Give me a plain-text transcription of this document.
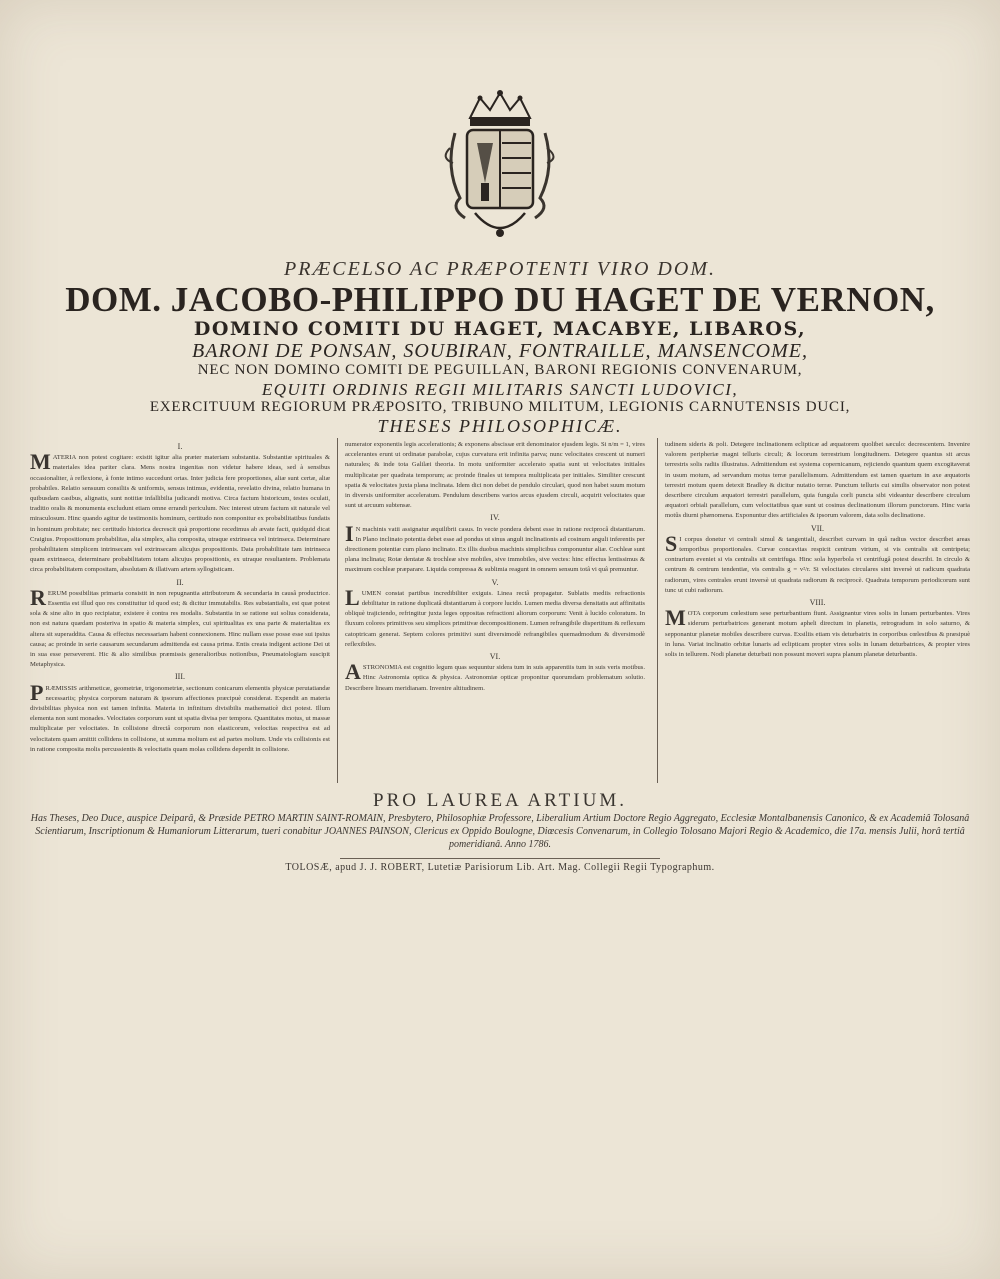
PRÆCELSO AC PRÆPOTENTI VIRO DOM.
DOM. JACOBO-PHILIPPO DU HAGET DE VERNON,
DOMINO COMITI DU HAGET, MACABYE, LIBAROS,
BARONI DE PONSAN, SOUBIRAN, FONTRAILLE, MANSENCOME,
NEC NON DOMINO COMITI DE PEGUILLAN, BARONI REGIONIS CONVENARUM,
EQUITI ORDINIS REGII MILITARIS SANCTI LUDOVICI,
EXERCITUUM REGIORUM PRÆPOSITO, TRIBUNO MILITUM, LEGIONIS CARNUTENSIS DUCI,
THESES PHILOSOPHICÆ.
I.
MATERIA non potest cogitare: existit igitur alia præter materiam substantia. Substantiæ spirituales & materiales idea pariter clara. Mens nostra ingenitas non videtur habere ideas, sed à sensibus occasionaliter, à reflexione, à fonte intimo succedunt ortas. Inter judicia fere proportiones, aliæ sunt certæ, aliæ probabiles. Relatio sensuum consiliis & uniformis, sensus intimus, evidentia, revelatio divina, relatio humana in quibusdam casibus, alignatis, sunt notitiæ infallibilia judicandi motiva. Circa factum historicum, testes oculati, traditio oralis & monumenta excludunt etiam omne errandi periculum. Nec interest utrum factum sit naturale vel miraculosum. Hinc quando agitur de testimoniis hominum, certitudo non componitur ex probabilitatibus fundatis in hominum probitate; nec certitudo historica decrescit quà proportione recedimus ab ævate facti, quidquid dicat Craigius. Propositionum probabilitas, alia simplex, alia composita, utraque extrinseca vel intrinseca. Determinare probabilitatem simplicem intrinsecam vel extrinsecam alicujus propositionis. Data probabilitate tam intrinseca quam extrinseca, determinare probabilitatem totam alicujus propositionis, ex utraque resultantem. Problemata circa probabilitatem compositam, absolutam & illativam artem syllogisticam.
II.
RERUM possibilitas primaria consistit in non repugnantia attributorum & secundaria in causâ productrice. Essentia est illud quo res constituitur id quod est; & dicitur immutabilis. Res substantialis, est quæ potest sola & sine alio in quo recipiatur, existere è contra res modalis. Substantia in se ratione sui solius considerata, non est natura quædam posteriva in spatio & materia simplex, cui spiritualitas ex una parte & materialitas ex altera sit superaddita. Causa & effectus necessariam habent connexionem. Hinc nullam esse posse esse sui ipsius causa; ac proinde in serie causarum secundarum admittenda est causa prima. Entis creata indigent actione Dei ut in sua esse perseverent. Hic & alio similibus præmissis generalioribus notionibus, Pneumatologiam suscipit Metaphysica.
III.
PRÆMISSIS arithmeticæ, geometriæ, trigonometriæ, sectionum conicarum elementis physicæ perutatiandæ necessariis; physica corporum naturam & ipsorum affectiones præcipuè considerat. Expendit an materia divisibilitas physica non est tamen infinita. Materia in infinitum divisibilis mathematicè dici potest. Illum elementa non sunt monades. Velocitates corporum sunt ut spatia divisa per tempora. Quantitates motus, ut massæ multiplicatæ per velocitates. In collisione directâ corporum non elasticorum, velocitas respectiva est ad velocitatem quam amittit collidens in collisione, ut summa molium est ad partes molium. Unde vis collisionis est in ratione composita molis percussientis & velocitatis quam molas collidens deperdit in collisione.
numerator exponentis legis accelerationis; & exponens abscissæ erit denominator ejusdem legis. Si n/m = 1, vires accelerantes erunt ut ordinatæ parabolæ, cujus curvatura erit infinita parva; nunc velocitates crescent ut numeri naturales; & inde tota Galilæi theoria. In motu uniformiter accelerato spatia sunt ut velocitates initiales multiplicatæ per quadrata temporum; ac proinde finales ut tempora multiplicata per initiales. Similiter crescunt spatia & velocitates juxta plana inclinata. Idem dici non debet de pendulo circulari, quod non habet suum motum in diversis uniformiter acceleratum. Pendulum describens varios arcus ejusdem circuli, acquirit velocitates quæ sunt ut arcuum subtensæ.
IV.
I N machinis vatii assignatur æquilibrii casus. In vecte pondera debent esse in ratione reciprocâ distantiarum. In Plano inclinato potentia debet esse ad pondus ut sinus anguli inclinationis ad cosinum anguli inferentis per directionem potentiæ cum plano inclinato. Ex illis duobus machinis simplicibus componuntur aliæ. Cochleæ sunt plana inclinata; Rotæ dentatæ & trochleæ sive mobiles, sive immobiles, sive vectes: hinc effectus lentissimus & maximum cochleæ præparare. Liquida compressa & sublimia reagunt in omnem sensum totâ vi quâ premuntur.
V.
LUMEN constat partibus incredibiliter exiguis. Linea rectâ propagatur. Sublatis mediis refractionis debilitatur in ratione duplicatâ distantiarum à corpore lucido. Lumen media diversa densitatis aut affinitatis obliquè trajiciendo, refringitur juxta leges oppositas refractioni aliorum corporum: Venit à lucido coloratum. In fluxum colores primitivos seu simplices primitivæ decompositionem. Lumen refrangibile dispertitum & reflexum catoptricam generat. Septem colores primitivi sunt diversimodè refrangibiles quemadmodum & diversimodè reflexibiles.
VI.
ASTRONOMIA est cognitio legum quas sequuntur sidera tum in suis apparentiis tum in suis veris motibus. Hinc Astronomia optica & physica. Astronomiæ opticæ proponitur quorumdam problematum solutio. Describere lineam meridianam. Invenire altitudinem.
tudinem sideris & poli. Detegere inclinationem eclipticæ ad æquatorem quolibet sæculo: decrescentem. Invenire valorem peripheriæ magni telluris circuli; & locorum terrestrium longitudinem. Detegere quantus sit arcus terrestris solis radiis illustratus. Admittendum est systema copernicanum, rejiciendo quantum quem excogitaverat in usum motum, ad servandum motus terræ parallelismum. Admittendum est tamen quartum in axe æquatoris terrestri motum quem detexit Bradley & dicitur nutatio terræ. Punctum telluris cui similis observator non potest describere circulum æquatori terrestri parallelum, quia fungula corli puncta sibi videantur describere circulum æquatori orbiali parallelum, cum velocitatibus quæ sunt ut cosinus declinationum illorum punctorum. Hinc varia motûs diurni phænomena. Exponuntur dies artificiales & ipsorum valorem, data solis declinatione.
VII.
S I corpus donetur vi centrali simul & tangentiali, describet curvam in quâ radius vector describet areas temporibus proportionales. Curvæ concavitas respicit centrum virium, si vis centralis sit centripeta; contrarium eveniet si vis centralis sit centrifuga. Hinc sola hyperbola vi centrifugâ potest describi. In circulo & centrum & centrum tendentiæ, vis centralis g = v²/r. Si velocitates circulares sint inversè ut radicum quadrata radiorum, vires centrales erunt inversè ut quadrata radiorum & reciprocè. Quadrata temporum periodicorum sunt tunc ut cubi radiorum.
VIII.
MOTA corporum cœlestium sese perturbantium fiunt. Assignantur vires solis in lunam perturbantes. Vires siderum perturbatrices generant motum apheli directum in planetis, retrogradum in solo saturno, & sepponantur planetæ mobiles describere curvas. Exsiliis etiam vis deturbatrix in corporibus cœlestibus & præsipuè in luna. Variat inclinatio orbitæ lunaris ad eclipticam propter vires solis in lunam deturbatrices, & propter vires solis in tellurem. Nodi planetæ deturbati non possunt moveri supra planum planetæ deturbantis.
PRO LAUREA ARTIUM.
Has Theses, Deo Duce, auspice Deiparâ, & Præside PETRO MARTIN SAINT-ROMAIN, Presbytero, Philosophiæ Professore, Liberalium Artium Doctore Regio Aggregato, Ecclesiæ Montalbanensis Canonico, & ex Academiâ Tolosanâ Scientiarum, Inscriptionum & Humaniorum Litterarum, tueri conabitur JOANNES PAINSON, Clericus ex Oppido Boulogne, Diœcesis Convenarum, in Collegio Tolosano Majori Regio & Academico, die 17a. mensis Julii, horâ tertiâ pomeridianâ. Anno 1786.
TOLOSÆ, apud J. J. ROBERT, Lutetiæ Parisiorum Lib. Art. Mag. Collegii Regii Typographum.
